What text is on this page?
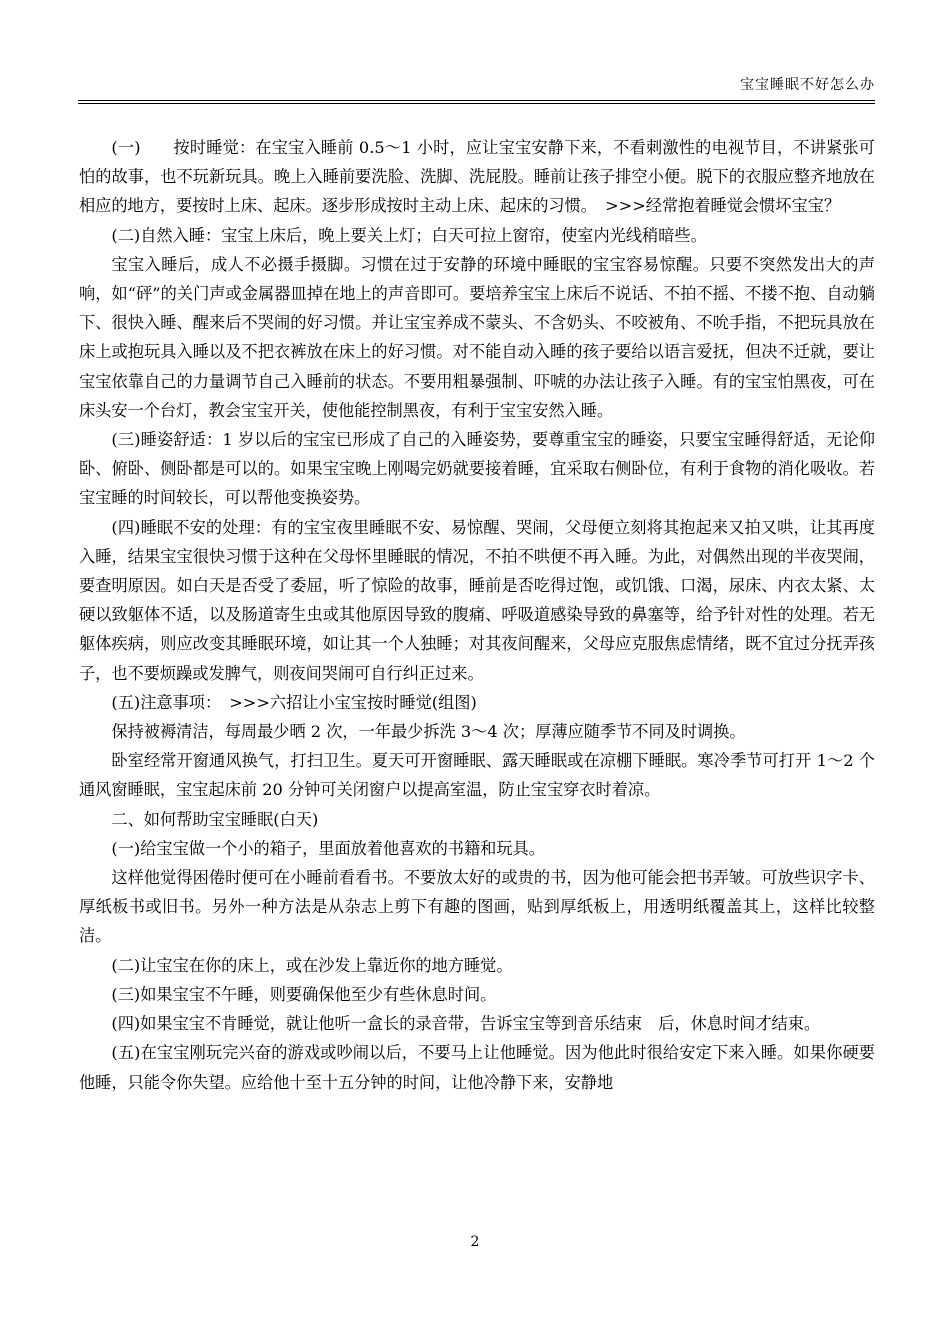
宝宝睡眠不好怎么办

(一)　　按时睡觉：在宝宝入睡前 0.5～1 小时，应让宝宝安静下来，不看刺激性的电视节目，不讲紧张可怕的故事，也不玩新玩具。晚上入睡前要洗脸、洗脚、洗屁股。睡前让孩子排空小便。脱下的衣服应整齐地放在相应的地方，要按时上床、起床。逐步形成按时主动上床、起床的习惯。　>>>经常抱着睡觉会惯坏宝宝？

(二)自然入睡：宝宝上床后，晚上要关上灯；白天可拉上窗帘，使室内光线稍暗些。

宝宝入睡后，成人不必摄手摄脚。习惯在过于安静的环境中睡眠的宝宝容易惊醒。只要不突然发出大的声响，如“砰”的关门声或金属器皿掉在地上的声音即可。要培养宝宝上床后不说话、不拍不摇、不搂不抱、自动躺下、很快入睡、醒来后不哭闹的好习惯。并让宝宝养成不蒙头、不含奶头、不咬被角、不吮手指，不把玩具放在床上或抱玩具入睡以及不把衣裤放在床上的好习惯。对不能自动入睡的孩子要给以语言爱抚，但决不迁就，要让宝宝依靠自己的力量调节自己入睡前的状态。不要用粗暴强制、吓唬的办法让孩子入睡。有的宝宝怕黑夜，可在床头安一个台灯，教会宝宝开关，使他能控制黑夜，有利于宝宝安然入睡。

(三)睡姿舒适：1 岁以后的宝宝已形成了自己的入睡姿势，要尊重宝宝的睡姿，只要宝宝睡得舒适，无论仰卧、俯卧、侧卧都是可以的。如果宝宝晚上刚喝完奶就要接着睡，宜采取右侧卧位，有利于食物的消化吸收。若宝宝睡的时间较长，可以帮他变换姿势。

(四)睡眠不安的处理：有的宝宝夜里睡眠不安、易惊醒、哭闹，父母便立刻将其抱起来又拍又哄，让其再度入睡，结果宝宝很快习惯于这种在父母怀里睡眠的情况，不拍不哄便不再入睡。为此，对偶然出现的半夜哭闹，要查明原因。如白天是否受了委屈，听了惊险的故事，睡前是否吃得过饱，或饥饿、口渴，尿床、内衣太紧、太硬以致躯体不适，以及肠道寄生虫或其他原因导致的腹痛、呼吸道感染导致的鼻塞等，给予针对性的处理。若无躯体疾病，则应改变其睡眠环境，如让其一个人独睡；对其夜间醒来，父母应克服焦虑情绪，既不宜过分抚弄孩子，也不要烦躁或发脾气，则夜间哭闹可自行纠正过来。

(五)注意事项：　>>>六招让小宝宝按时睡觉(组图)

保持被褥清洁，每周最少晒 2 次，一年最少拆洗 3～4 次；厚薄应随季节不同及时调换。

卧室经常开窗通风换气，打扫卫生。夏天可开窗睡眠、露天睡眠或在凉棚下睡眠。寒冷季节可打开 1～2 个通风窗睡眠，宝宝起床前 20 分钟可关闭窗户以提高室温，防止宝宝穿衣时着凉。

二、如何帮助宝宝睡眠(白天)

(一)给宝宝做一个小的箱子，里面放着他喜欢的书籍和玩具。

这样他觉得困倦时便可在小睡前看看书。不要放太好的或贵的书，因为他可能会把书弄皱。可放些识字卡、厚纸板书或旧书。另外一种方法是从杂志上剪下有趣的图画，贴到厚纸板上，用透明纸覆盖其上，这样比较整洁。

(二)让宝宝在你的床上，或在沙发上靠近你的地方睡觉。

(三)如果宝宝不午睡，则要确保他至少有些休息时间。

(四)如果宝宝不肯睡觉，就让他听一盒长的录音带，告诉宝宝等到音乐结束　后，休息时间才结束。

(五)在宝宝刚玩完兴奋的游戏或吵闹以后，不要马上让他睡觉。因为他此时很给安定下来入睡。如果你硬要他睡，只能令你失望。应给他十至十五分钟的时间，让他冷静下来，安静地

2
